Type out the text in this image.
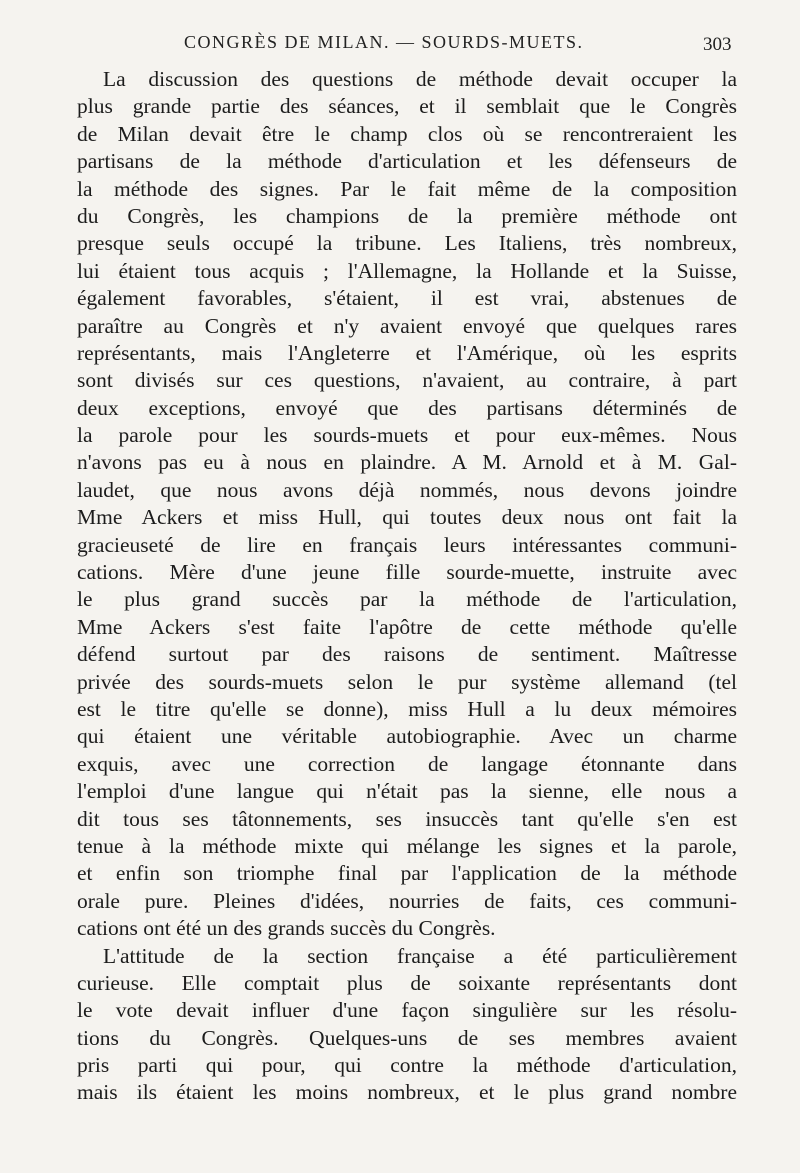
CONGRÈS DE MILAN. — SOURDS-MUETS.	303
La discussion des questions de méthode devait occuper la
plus grande partie des séances, et il semblait que le Congrès
de Milan devait être le champ clos où se rencontreraient les
partisans de la méthode d'articulation et les défenseurs de
la méthode des signes. Par le fait même de la composition
du Congrès, les champions de la première méthode ont
presque seuls occupé la tribune. Les Italiens, très nombreux,
lui étaient tous acquis ; l'Allemagne, la Hollande et la Suisse,
également favorables, s'étaient, il est vrai, abstenues de
paraître au Congrès et n'y avaient envoyé que quelques rares
représentants, mais l'Angleterre et l'Amérique, où les esprits
sont divisés sur ces questions, n'avaient, au contraire, à part
deux exceptions, envoyé que des partisans déterminés de
la parole pour les sourds-muets et pour eux-mêmes. Nous
n'avons pas eu à nous en plaindre. A M. Arnold et à M. Gal-
laudet, que nous avons déjà nommés, nous devons joindre
Mme Ackers et miss Hull, qui toutes deux nous ont fait la
gracieuseté de lire en français leurs intéressantes communi-
cations. Mère d'une jeune fille sourde-muette, instruite avec
le plus grand succès par la méthode de l'articulation,
Mme Ackers s'est faite l'apôtre de cette méthode qu'elle
défend surtout par des raisons de sentiment. Maîtresse
privée des sourds-muets selon le pur système allemand (tel
est le titre qu'elle se donne), miss Hull a lu deux mémoires
qui étaient une véritable autobiographie. Avec un charme
exquis, avec une correction de langage étonnante dans
l'emploi d'une langue qui n'était pas la sienne, elle nous a
dit tous ses tâtonnements, ses insuccès tant qu'elle s'en est
tenue à la méthode mixte qui mélange les signes et la parole,
et enfin son triomphe final par l'application de la méthode
orale pure. Pleines d'idées, nourries de faits, ces communi-
cations ont été un des grands succès du Congrès.
L'attitude de la section française a été particulièrement
curieuse. Elle comptait plus de soixante représentants dont
le vote devait influer d'une façon singulière sur les résolu-
tions du Congrès. Quelques-uns de ses membres avaient
pris parti qui pour, qui contre la méthode d'articulation,
mais ils étaient les moins nombreux, et le plus grand nombre
